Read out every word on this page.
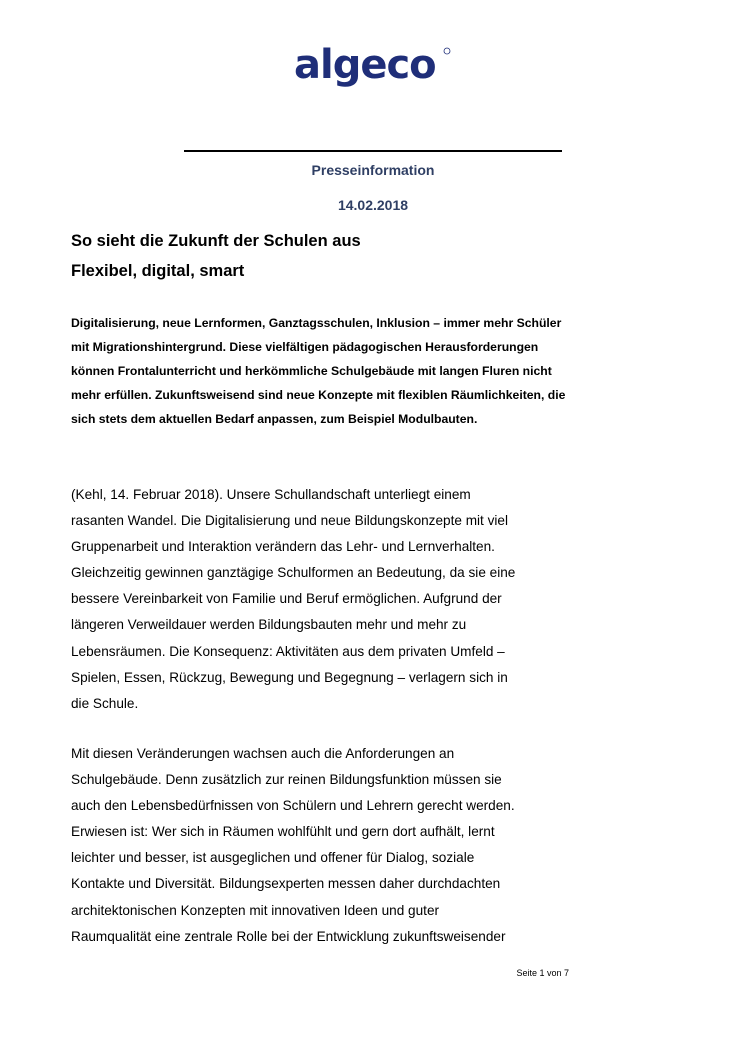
algeco
Presseinformation
14.02.2018
So sieht die Zukunft der Schulen aus
Flexibel, digital, smart
Digitalisierung, neue Lernformen, Ganztagsschulen, Inklusion – immer mehr Schüler mit Migrationshintergrund. Diese vielfältigen pädagogischen Herausforderungen können Frontalunterricht und herkömmliche Schulgebäude mit langen Fluren nicht mehr erfüllen. Zukunftsweisend sind neue Konzepte mit flexiblen Räumlichkeiten, die sich stets dem aktuellen Bedarf anpassen, zum Beispiel Modulbauten.
(Kehl, 14. Februar 2018). Unsere Schullandschaft unterliegt einem
rasanten Wandel. Die Digitalisierung und neue Bildungskonzepte mit viel
Gruppenarbeit und Interaktion verändern das Lehr- und Lernverhalten.
Gleichzeitig gewinnen ganztägige Schulformen an Bedeutung, da sie eine
bessere Vereinbarkeit von Familie und Beruf ermöglichen. Aufgrund der
längeren Verweildauer werden Bildungsbauten mehr und mehr zu
Lebensräumen. Die Konsequenz: Aktivitäten aus dem privaten Umfeld –
Spielen, Essen, Rückzug, Bewegung und Begegnung – verlagern sich in
die Schule.
Mit diesen Veränderungen wachsen auch die Anforderungen an
Schulgebäude. Denn zusätzlich zur reinen Bildungsfunktion müssen sie
auch den Lebensbedürfnissen von Schülern und Lehrern gerecht werden.
Erwiesen ist: Wer sich in Räumen wohlfühlt und gern dort aufhält, lernt
leichter und besser, ist ausgeglichen und offener für Dialog, soziale
Kontakte und Diversität. Bildungsexperten messen daher durchdachten
architektonischen Konzepten mit innovativen Ideen und guter
Raumqualität eine zentrale Rolle bei der Entwicklung zukunftsweisender
Seite 1 von 7
